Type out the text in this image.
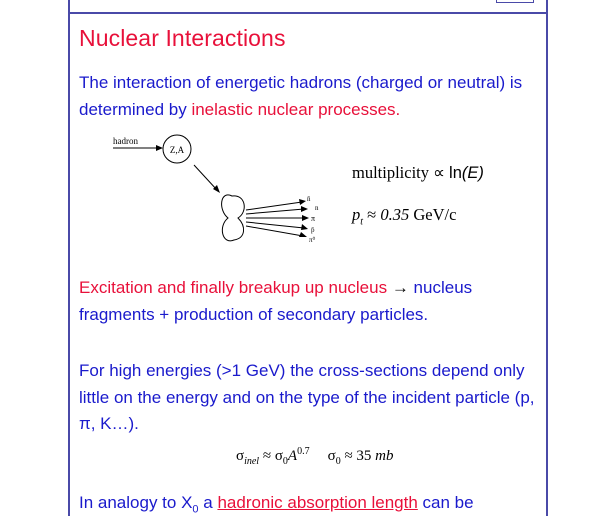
Nuclear Interactions
The interaction of energetic hadrons (charged or neutral) is determined by inelastic nuclear processes.
hadron
Z,A
n̄
n
π
p̄
π⁰
multiplicity ∝ ln(E)
$p_t \approx 0.35$ GeV/c
Excitation and finally breakup up nucleus → nucleus fragments + production of secondary particles.
For high energies (>1 GeV) the cross-sections depend only little on the energy and on the type of the incident particle (p, π, K…).
$\sigma_{inel} \approx \sigma_0A^{0.7}$ $\sigma_0 \approx 35$ mb
In analogy to $X_0$ a hadronic absorption length can be
